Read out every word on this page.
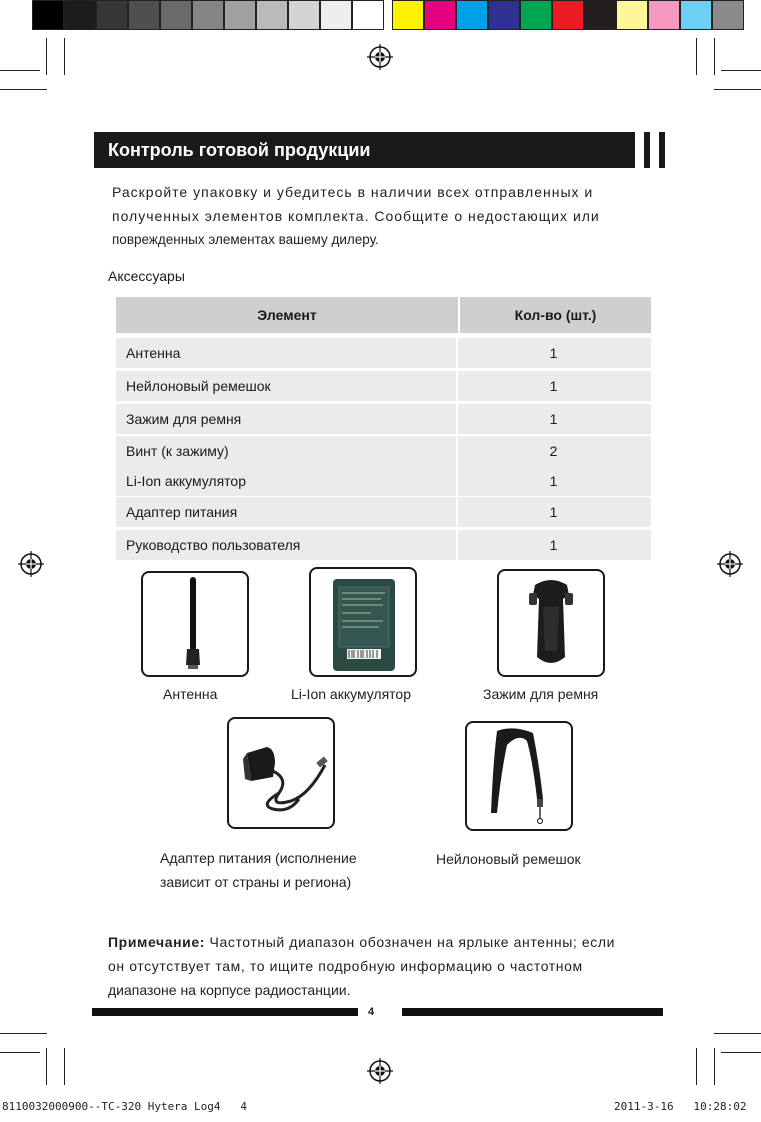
Контроль готовой продукции
Раскройте упаковку и убедитесь в наличии всех отправленных и
полученных элементов комплекта. Сообщите о недостающих или
поврежденных элементах вашему дилеру.
Аксессуары
Элемент	Кол-во (шт.)
Антенна	1
Нейлоновый ремешок	1
Зажим для ремня	1
Винт (к зажиму)	2
Li-Ion аккумулятор	1
Адаптер питания	1
Руководство пользователя	1
Антенна	Li-Ion аккумулятор	Зажим для ремня
Адаптер питания (исполнение
зависит от страны и региона)
Нейлоновый ремешок
Примечание: Частотный диапазон обозначен на ярлыке антенны; если
он отсутствует там, то ищите подробную информацию о частотном
диапазоне на корпусе радиостанции.
4
8110032000900--TC-320 Hytera Log4   4	2011-3-16   10:28:02
